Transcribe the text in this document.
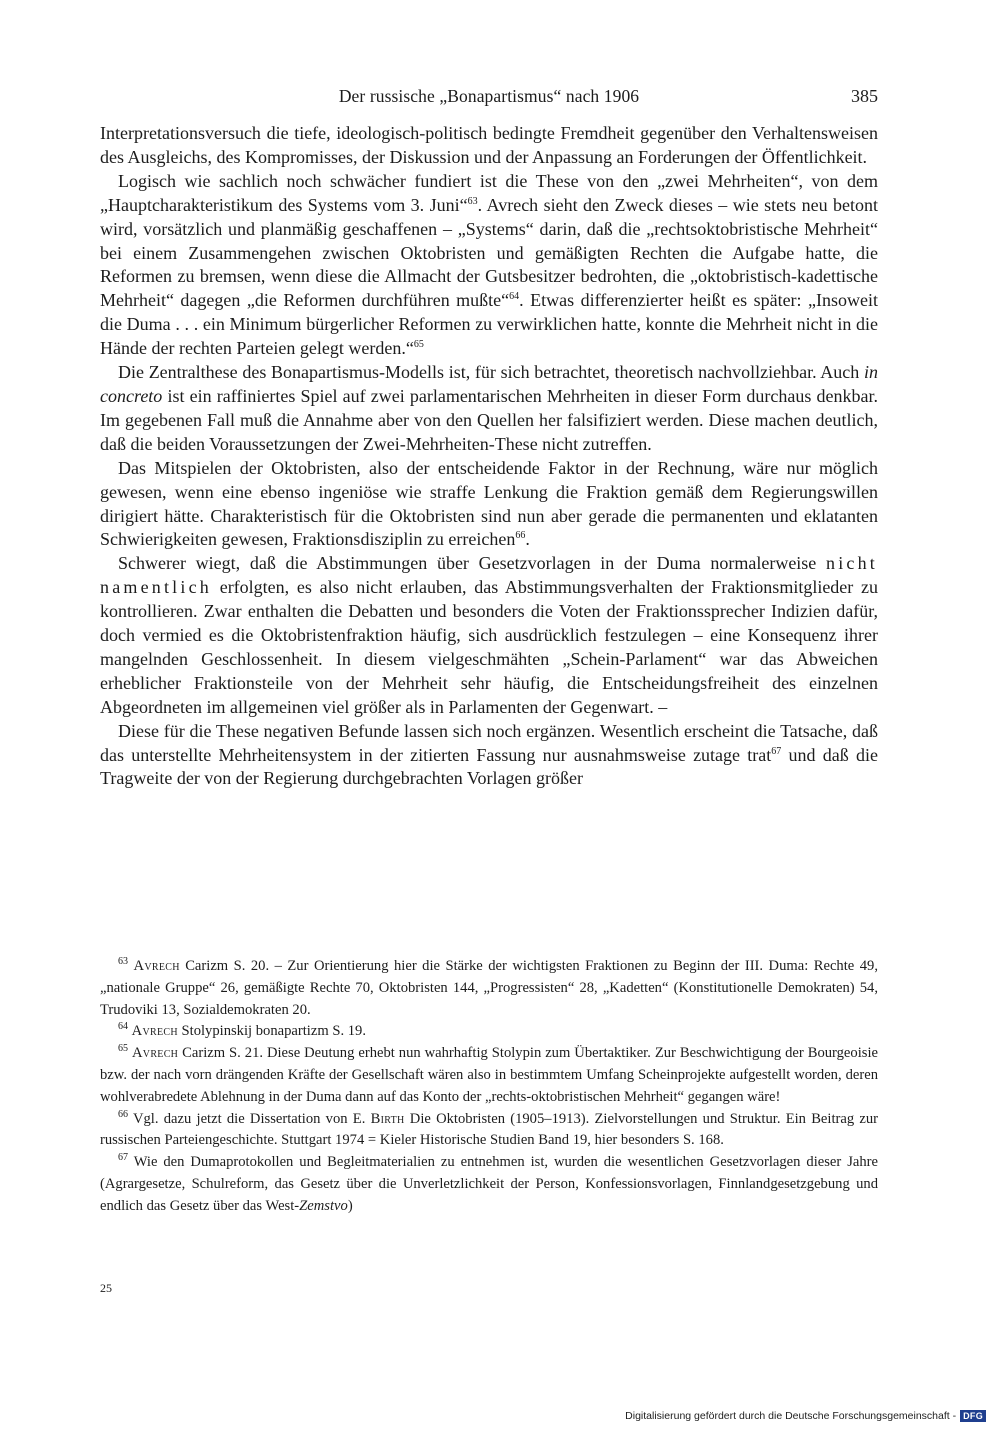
Der russische „Bonapartismus“ nach 1906	385

Interpretationsversuch die tiefe, ideologisch-politisch bedingte Fremdheit gegenüber den Verhaltensweisen des Ausgleichs, des Kompromisses, der Diskussion und der Anpassung an Forderungen der Öffentlichkeit.

Logisch wie sachlich noch schwächer fundiert ist die These von den „zwei Mehrheiten“, von dem „Hauptcharakteristikum des Systems vom 3. Juni“$^{63}$. Avrech sieht den Zweck dieses – wie stets neu betont wird, vorsätzlich und planmäßig geschaffenen – „Systems“ darin, daß die „rechtsoktobristische Mehrheit“ bei einem Zusammengehen zwischen Oktobristen und gemäßigten Rechten die Aufgabe hatte, die Reformen zu bremsen, wenn diese die Allmacht der Gutsbesitzer bedrohten, die „oktobristisch-kadettische Mehrheit“ dagegen „die Reformen durchführen mußte“$^{64}$. Etwas differenzierter heißt es später: „Insoweit die Duma . . . ein Minimum bürgerlicher Reformen zu verwirklichen hatte, konnte die Mehrheit nicht in die Hände der rechten Parteien gelegt werden.“$^{65}$

Die Zentralthese des Bonapartismus-Modells ist, für sich betrachtet, theoretisch nachvollziehbar. Auch in concreto ist ein raffiniertes Spiel auf zwei parlamentarischen Mehrheiten in dieser Form durchaus denkbar. Im gegebenen Fall muß die Annahme aber von den Quellen her falsifiziert werden. Diese machen deutlich, daß die beiden Voraussetzungen der Zwei-Mehrheiten-These nicht zutreffen.

Das Mitspielen der Oktobristen, also der entscheidende Faktor in der Rechnung, wäre nur möglich gewesen, wenn eine ebenso ingeniöse wie straffe Lenkung die Fraktion gemäß dem Regierungswillen dirigiert hätte. Charakteristisch für die Oktobristen sind nun aber gerade die permanenten und eklatanten Schwierigkeiten gewesen, Fraktionsdisziplin zu erreichen$^{66}$.

Schwerer wiegt, daß die Abstimmungen über Gesetzvorlagen in der Duma normalerweise nicht namentlich erfolgten, es also nicht erlauben, das Abstimmungsverhalten der Fraktionsmitglieder zu kontrollieren. Zwar enthalten die Debatten und besonders die Voten der Fraktionssprecher Indizien dafür, doch vermied es die Oktobristenfraktion häufig, sich ausdrücklich festzulegen – eine Konsequenz ihrer mangelnden Geschlossenheit. In diesem vielgeschmähten „Schein-Parlament“ war das Abweichen erheblicher Fraktionsteile von der Mehrheit sehr häufig, die Entscheidungsfreiheit des einzelnen Abgeordneten im allgemeinen viel größer als in Parlamenten der Gegenwart. –

Diese für die These negativen Befunde lassen sich noch ergänzen. Wesentlich erscheint die Tatsache, daß das unterstellte Mehrheitensystem in der zitierten Fassung nur ausnahmsweise zutage trat$^{67}$ und daß die Tragweite der von der Regierung durchgebrachten Vorlagen größer

$^{63}$ Avrech Carizm S. 20. – Zur Orientierung hier die Stärke der wichtigsten Fraktionen zu Beginn der III. Duma: Rechte 49, „nationale Gruppe“ 26, gemäßigte Rechte 70, Oktobristen 144, „Progressisten“ 28, „Kadetten“ (Konstitutionelle Demokraten) 54, Trudoviki 13, Sozialdemokraten 20.

$^{64}$ Avrech Stolypinskij bonapartizm S. 19.

$^{65}$ Avrech Carizm S. 21. Diese Deutung erhebt nun wahrhaftig Stolypin zum Übertaktiker. Zur Beschwichtigung der Bourgeoisie bzw. der nach vorn drängenden Kräfte der Gesellschaft wären also in bestimmtem Umfang Scheinprojekte aufgestellt worden, deren wohlverabredete Ablehnung in der Duma dann auf das Konto der „rechts-oktobristischen Mehrheit“ gegangen wäre!

$^{66}$ Vgl. dazu jetzt die Dissertation von E. Birth Die Oktobristen (1905–1913). Zielvorstellungen und Struktur. Ein Beitrag zur russischen Parteiengeschichte. Stuttgart 1974 = Kieler Historische Studien Band 19, hier besonders S. 168.

$^{67}$ Wie den Dumaprotokollen und Begleitmaterialien zu entnehmen ist, wurden die wesentlichen Gesetzvorlagen dieser Jahre (Agrargesetze, Schulreform, das Gesetz über die Unverletzlichkeit der Person, Konfessionsvorlagen, Finnlandgesetzgebung und endlich das Gesetz über das West-Zemstvo)

25
Digitalisierung gefördert durch die Deutsche Forschungsgemeinschaft - DFG
